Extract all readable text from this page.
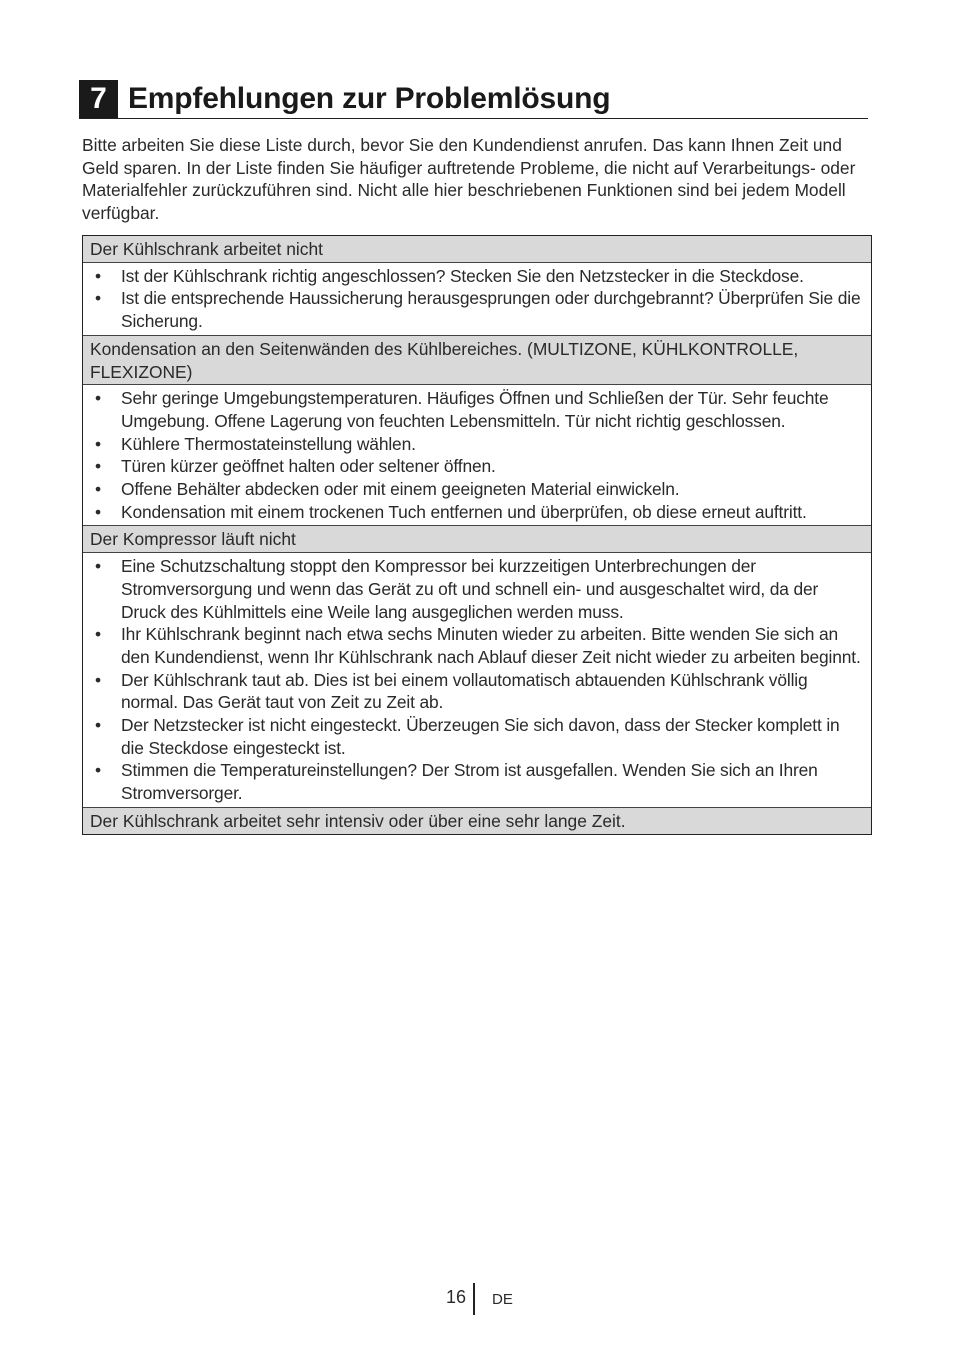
7 Empfehlungen zur Problemlösung
Bitte arbeiten Sie diese Liste durch, bevor Sie den Kundendienst anrufen. Das kann Ihnen Zeit und Geld sparen. In der Liste finden Sie häufiger auftretende Probleme, die nicht auf Verarbeitungs- oder Materialfehler zurückzuführen sind. Nicht alle hier beschriebenen Funktionen sind bei jedem Modell verfügbar.
Der Kühlschrank arbeitet nicht
• Ist der Kühlschrank richtig angeschlossen? Stecken Sie den Netzstecker in die Steckdose.
• Ist die entsprechende Haussicherung herausgesprungen oder durchgebrannt? Überprüfen Sie die Sicherung.
Kondensation an den Seitenwänden des Kühlbereiches. (MULTIZONE, KÜHLKONTROLLE, FLEXIZONE)
• Sehr geringe Umgebungstemperaturen. Häufiges Öffnen und Schließen der Tür. Sehr feuchte Umgebung. Offene Lagerung von feuchten Lebensmitteln. Tür nicht richtig geschlossen.
• Kühlere Thermostateinstellung wählen.
• Türen kürzer geöffnet halten oder seltener öffnen.
• Offene Behälter abdecken oder mit einem geeigneten Material einwickeln.
• Kondensation mit einem trockenen Tuch entfernen und überprüfen, ob diese erneut auftritt.
Der Kompressor läuft nicht
• Eine Schutzschaltung stoppt den Kompressor bei kurzzeitigen Unterbrechungen der Stromversorgung und wenn das Gerät zu oft und schnell ein- und ausgeschaltet wird, da der Druck des Kühlmittels eine Weile lang ausgeglichen werden muss.
• Ihr Kühlschrank beginnt nach etwa sechs Minuten wieder zu arbeiten. Bitte wenden Sie sich an den Kundendienst, wenn Ihr Kühlschrank nach Ablauf dieser Zeit nicht wieder zu arbeiten beginnt.
• Der Kühlschrank taut ab. Dies ist bei einem vollautomatisch abtauenden Kühlschrank völlig normal. Das Gerät taut von Zeit zu Zeit ab.
• Der Netzstecker ist nicht eingesteckt. Überzeugen Sie sich davon, dass der Stecker komplett in die Steckdose eingesteckt ist.
• Stimmen die Temperatureinstellungen? Der Strom ist ausgefallen. Wenden Sie sich an Ihren Stromversorger.
Der Kühlschrank arbeitet sehr intensiv oder über eine sehr lange Zeit.
16 DE
